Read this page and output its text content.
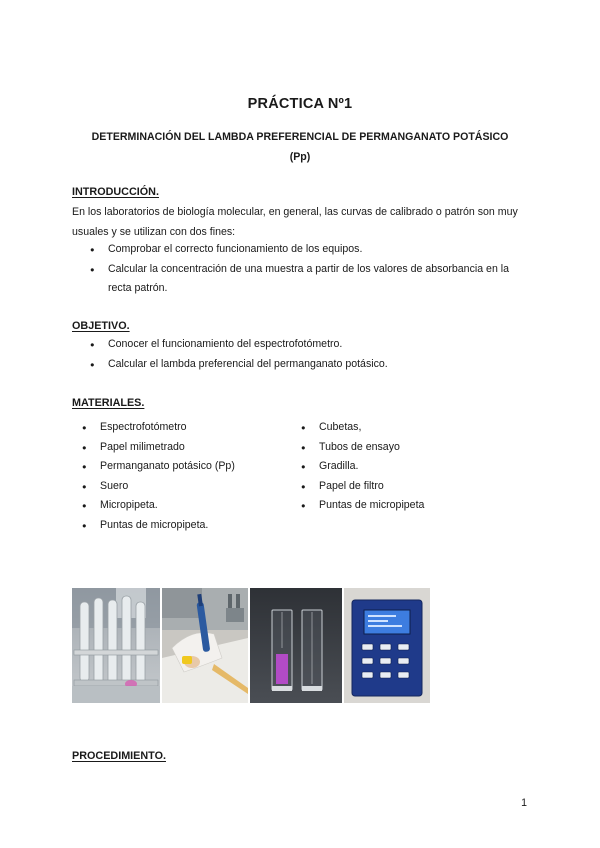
PRÁCTICA Nº1
DETERMINACIÓN DEL LAMBDA PREFERENCIAL DE PERMANGANATO POTÁSICO
(Pp)
INTRODUCCIÓN.
En los laboratorios de biología molecular, en general, las curvas de calibrado o patrón son muy usuales y se utilizan con dos fines:
● Comprobar el correcto funcionamiento de los equipos.
● Calcular la concentración de una muestra a partir de los valores de absorbancia en la recta patrón.
OBJETIVO.
● Conocer el funcionamiento del espectrofotómetro.
● Calcular el lambda preferencial del permanganato potásico.
MATERIALES.
● Espectrofotómetro
● Papel milimetrado
● Permanganato potásico (Pp)
● Suero
● Micropipeta.
● Puntas de micropipeta.
● Cubetas,
● Tubos de ensayo
● Gradilla.
● Papel de filtro
● Puntas de micropipeta
PROCEDIMIENTO.
1
